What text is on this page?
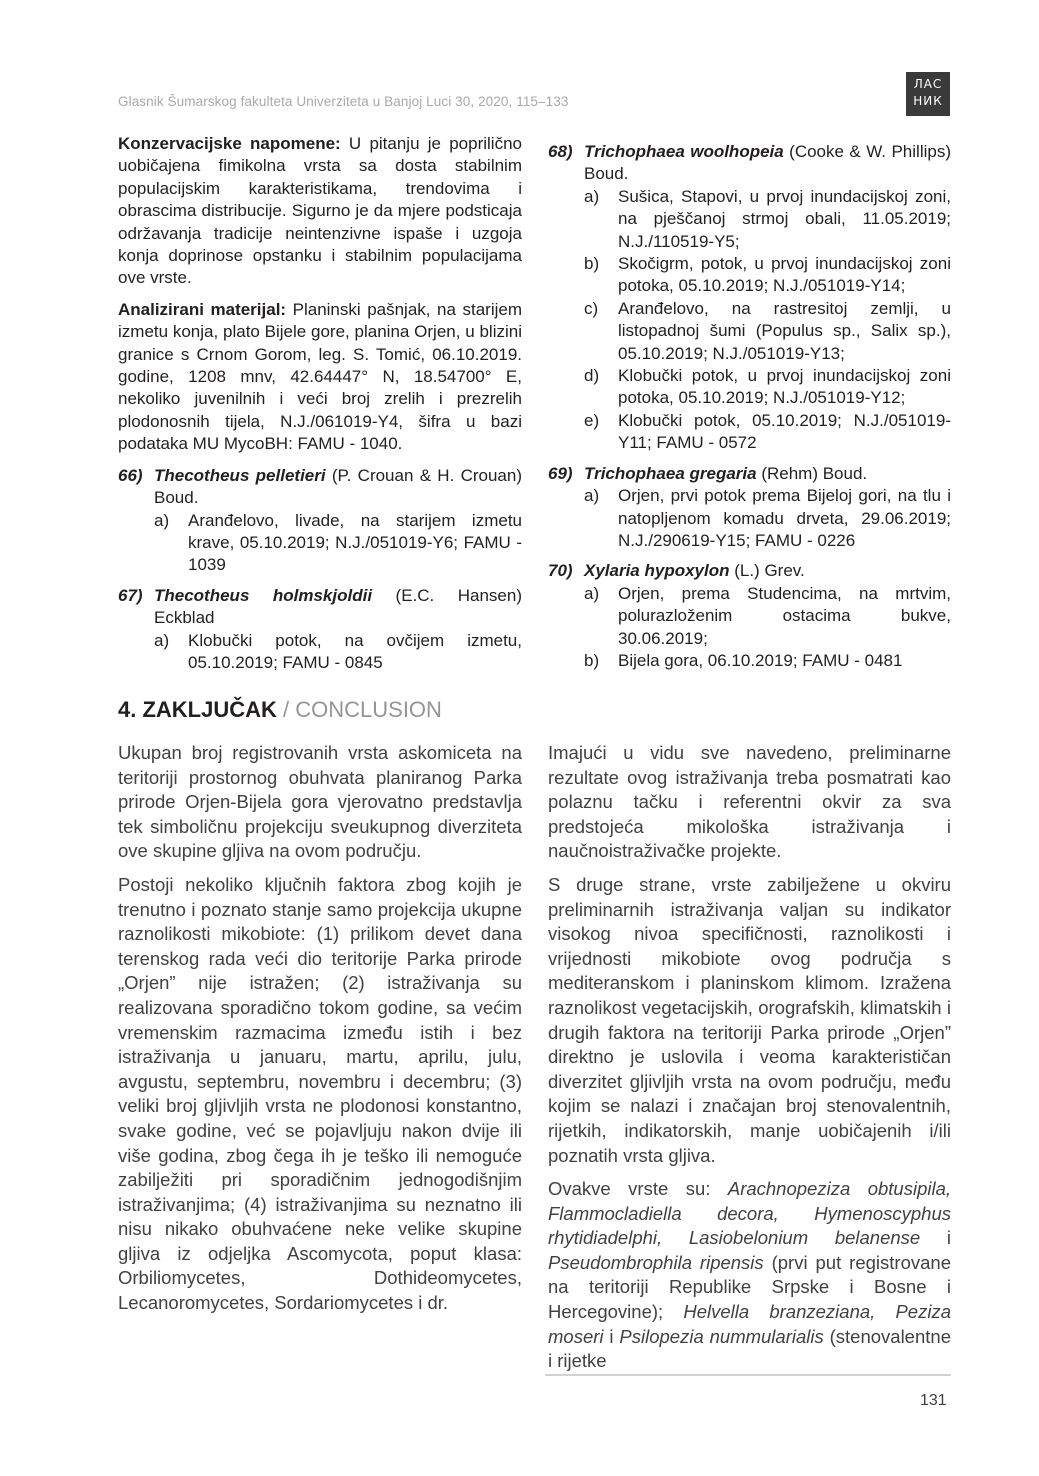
Glasnik Šumarskog fakulteta Univerziteta u Banjoj Luci 30, 2020, 115–133
ЛАС
НИК

Konzervacijske napomene: U pitanju je poprilično uobičajena fimikolna vrsta sa dosta stabilnim populacijskim karakteristikama, trendovima i obrascima distribucije. Sigurno je da mjere podsticaja održavanja tradicije neintenzivne ispaše i uzgoja konja doprinose opstanku i stabilnim populacijama ove vrste.

Analizirani materijal: Planinski pašnjak, na starijem izmetu konja, plato Bijele gore, planina Orjen, u blizini granice s Crnom Gorom, leg. S. Tomić, 06.10.2019. godine, 1208 mnv, 42.64447° N, 18.54700° E, nekoliko juvenilnih i veći broj zrelih i prezrelih plodonosnih tijela, N.J./061019-Y4, šifra u bazi podataka MU MycoBH: FAMU - 1040.

66) Thecotheus pelletieri (P. Crouan & H. Crouan) Boud.
a)	Aranđelovo, livade, na starijem izmetu krave, 05.10.2019; N.J./051019-Y6; FAMU - 1039
67) Thecotheus holmskjoldii (E.C. Hansen) Eckblad
a)	Klobučki potok, na ovčijem izmetu, 05.10.2019; FAMU - 0845
68) Trichophaea woolhopeia (Cooke & W. Phillips) Boud.
a)	Sušica, Stapovi, u prvoj inundacijskoj zoni, na pješčanoj strmoj obali, 11.05.2019; N.J./110519-Y5;
b)	Skočigrm, potok, u prvoj inundacijskoj zoni potoka, 05.10.2019; N.J./051019-Y14;
c)	Aranđelovo, na rastresitoj zemlji, u listopadnoj šumi (Populus sp., Salix sp.), 05.10.2019; N.J./051019-Y13;
d)	Klobučki potok, u prvoj inundacijskoj zoni potoka, 05.10.2019; N.J./051019-Y12;
e)	Klobučki potok, 05.10.2019; N.J./051019-Y11; FAMU - 0572
69) Trichophaea gregaria (Rehm) Boud.
a)	Orjen, prvi potok prema Bijeloj gori, na tlu i natopljenom komadu drveta, 29.06.2019; N.J./290619-Y15; FAMU - 0226
70) Xylaria hypoxylon (L.) Grev.
a)	Orjen, prema Studencima, na mrtvim, polurazloženim ostacima bukve, 30.06.2019;
b)	Bijela gora, 06.10.2019; FAMU - 0481
4. ZAKLJUČAK / CONCLUSION

Ukupan broj registrovanih vrsta askomiceta na teritoriji prostornog obuhvata planiranog Parka prirode Orjen-Bijela gora vjerovatno predstavlja tek simboličnu projekciju sveukupnog diverziteta ove skupine gljiva na ovom području.

Postoji nekoliko ključnih faktora zbog kojih je trenutno i poznato stanje samo projekcija ukupne raznolikosti mikobiote: (1) prilikom devet dana terenskog rada veći dio teritorije Parka prirode „Orjen” nije istražen; (2) istraživanja su realizovana sporadično tokom godine, sa većim vremenskim razmacima između istih i bez istraživanja u januaru, martu, aprilu, julu, avgustu, septembru, novembru i decembru; (3) veliki broj gljivljih vrsta ne plodonosi konstantno, svake godine, već se pojavljuju nakon dvije ili više godina, zbog čega ih je teško ili nemoguće zabilježiti pri sporadičnim jednogodišnjim istraživanjima; (4) istraživanjima su neznatno ili nisu nikako obuhvaćene neke velike skupine gljiva iz odjeljka Ascomycota, poput klasa: Orbiliomycetes, Dothideomycetes, Lecanoromycetes, Sordariomycetes i dr.

Imajući u vidu sve navedeno, preliminarne rezultate ovog istraživanja treba posmatrati kao polaznu tačku i referentni okvir za sva predstojeća mikološka istraživanja i naučnoistraživačke projekte.

S druge strane, vrste zabilježene u okviru preliminarnih istraživanja valjan su indikator visokog nivoa specifičnosti, raznolikosti i vrijednosti mikobiote ovog područja s mediteranskom i planinskom klimom. Izražena raznolikost vegetacijskih, orografskih, klimatskih i drugih faktora na teritoriji Parka prirode „Orjen” direktno je uslovila i veoma karakterističan diverzitet gljivljih vrsta na ovom području, među kojim se nalazi i značajan broj stenovalentnih, rijetkih, indikatorskih, manje uobičajenih i/ili poznatih vrsta gljiva.

Ovakve vrste su: Arachnopeziza obtusipila, Flammocladiella decora, Hymenoscyphus rhytidiadelphi, Lasiobelonium belanense i Pseudombrophila ripensis (prvi put registrovane na teritoriji Republike Srpske i Bosne i Hercegovine); Helvella branzeziana, Peziza moseri i Psilopezia nummularialis (stenovalentne i rijetke

131
